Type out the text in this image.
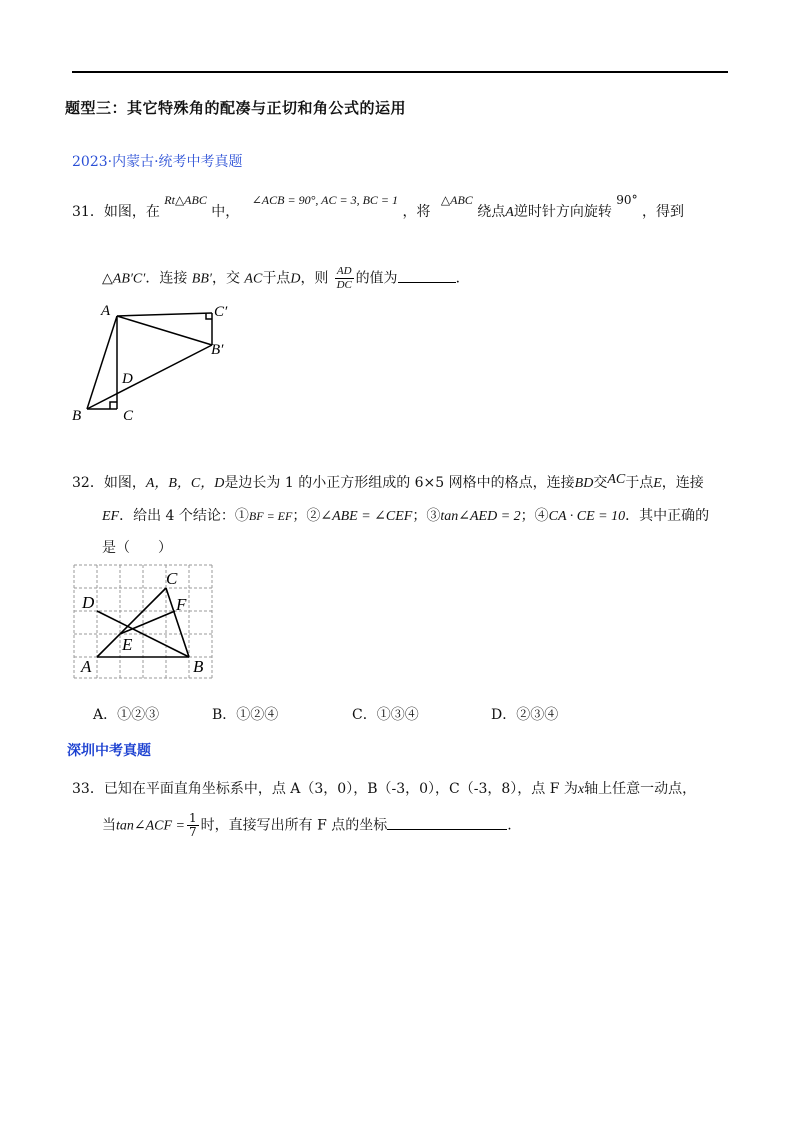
题型三：其它特殊角的配凑与正切和角公式的运用
2023·内蒙古·统考中考真题
31．如图，在 Rt△ABC 中， ∠ACB = 90°, AC = 3, BC = 1 ，将 △ABC 绕点A逆时针方向旋转 90° ，得到
△AB′C′．连接 BB′，交 AC于点D，则 $\frac{AD}{DC}$ 的值为	．
A
B	C
D
C′
B′
32．如图，A，B，C，D是边长为 1 的小正方形组成的 6×5 网格中的格点，连接BD交AC于点E，连接
EF．给出 4 个结论：①BF = EF；②∠ABE = ∠CEF；③tan∠AED = 2；④CA · CE = 10．其中正确的
是（　　）
C
D	F
E
A	B
A．①②③	B．①②④	C．①③④	D．②③④
深圳中考真题
33．已知在平面直角坐标系中，点 A（3，0），B（-3，0），C（-3，8），点 F 为x轴上任意一动点，
当tan∠ACF = $\frac{1}{7}$ 时，直接写出所有 F 点的坐标	.
